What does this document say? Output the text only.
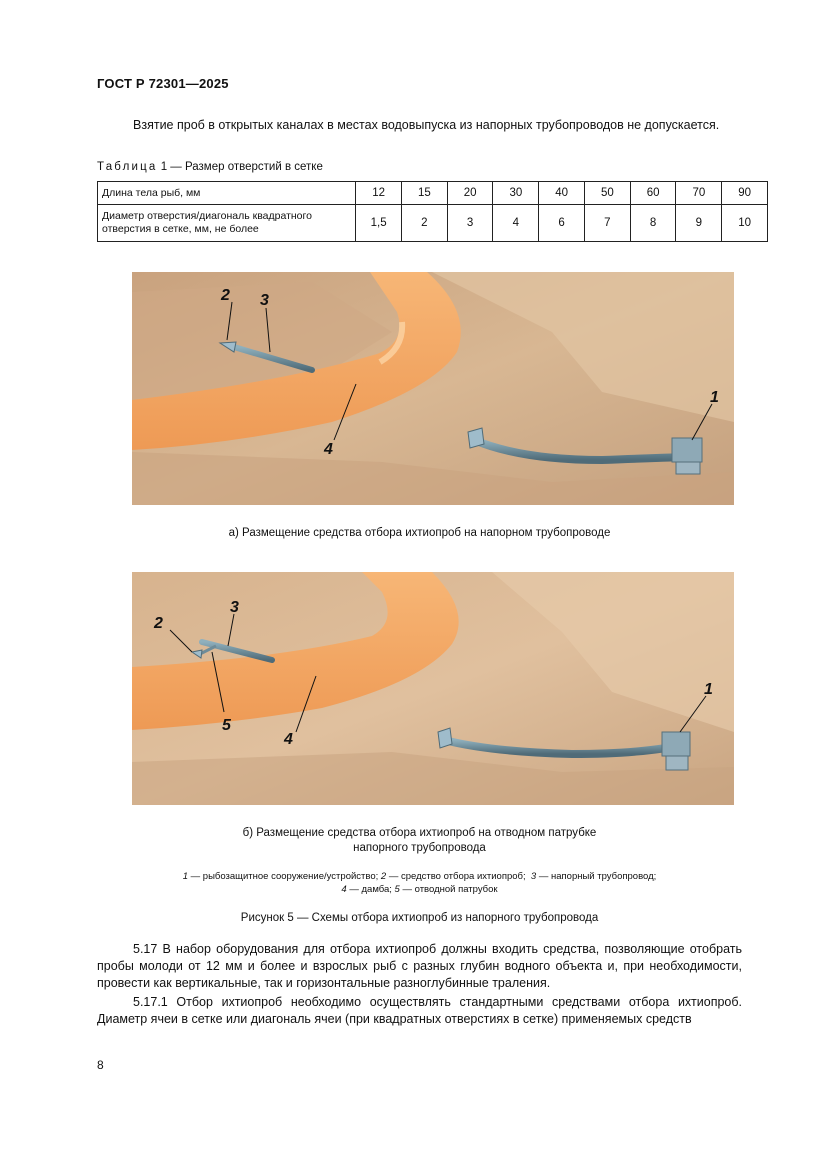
ГОСТ Р 72301—2025
Взятие проб в открытых каналах в местах водовыпуска из напорных трубопроводов не допускается.
Таблица 1 — Размер отверстий в сетке
Длина тела рыб, мм	12	15	20	30	40	50	60	70	90
Диаметр отверстия/диагональ квадратного отверстия в сетке, мм, не более	1,5	2	3	4	6	7	8	9	10
2 3
4
1
а) Размещение средства отбора ихтиопроб на напорном трубопроводе
2
3
5
4
1
б) Размещение средства отбора ихтиопроб на отводном патрубке
напорного трубопровода
1 — рыбозащитное сооружение/устройство; 2 — средство отбора ихтиопроб;  3 — напорный трубопровод;
4 — дамба; 5 — отводной патрубок
Рисунок 5 — Схемы отбора ихтиопроб из напорного трубопровода
5.17 В набор оборудования для отбора ихтиопроб должны входить средства, позволяющие отобрать пробы молоди от 12 мм и более и взрослых рыб с разных глубин водного объекта и, при необходимости, провести как вертикальные, так и горизонтальные разноглубинные траления.
5.17.1 Отбор ихтиопроб необходимо осуществлять стандартными средствами отбора ихтиопроб. Диаметр ячеи в сетке или диагональ ячеи (при квадратных отверстиях в сетке) применяемых средств
8
